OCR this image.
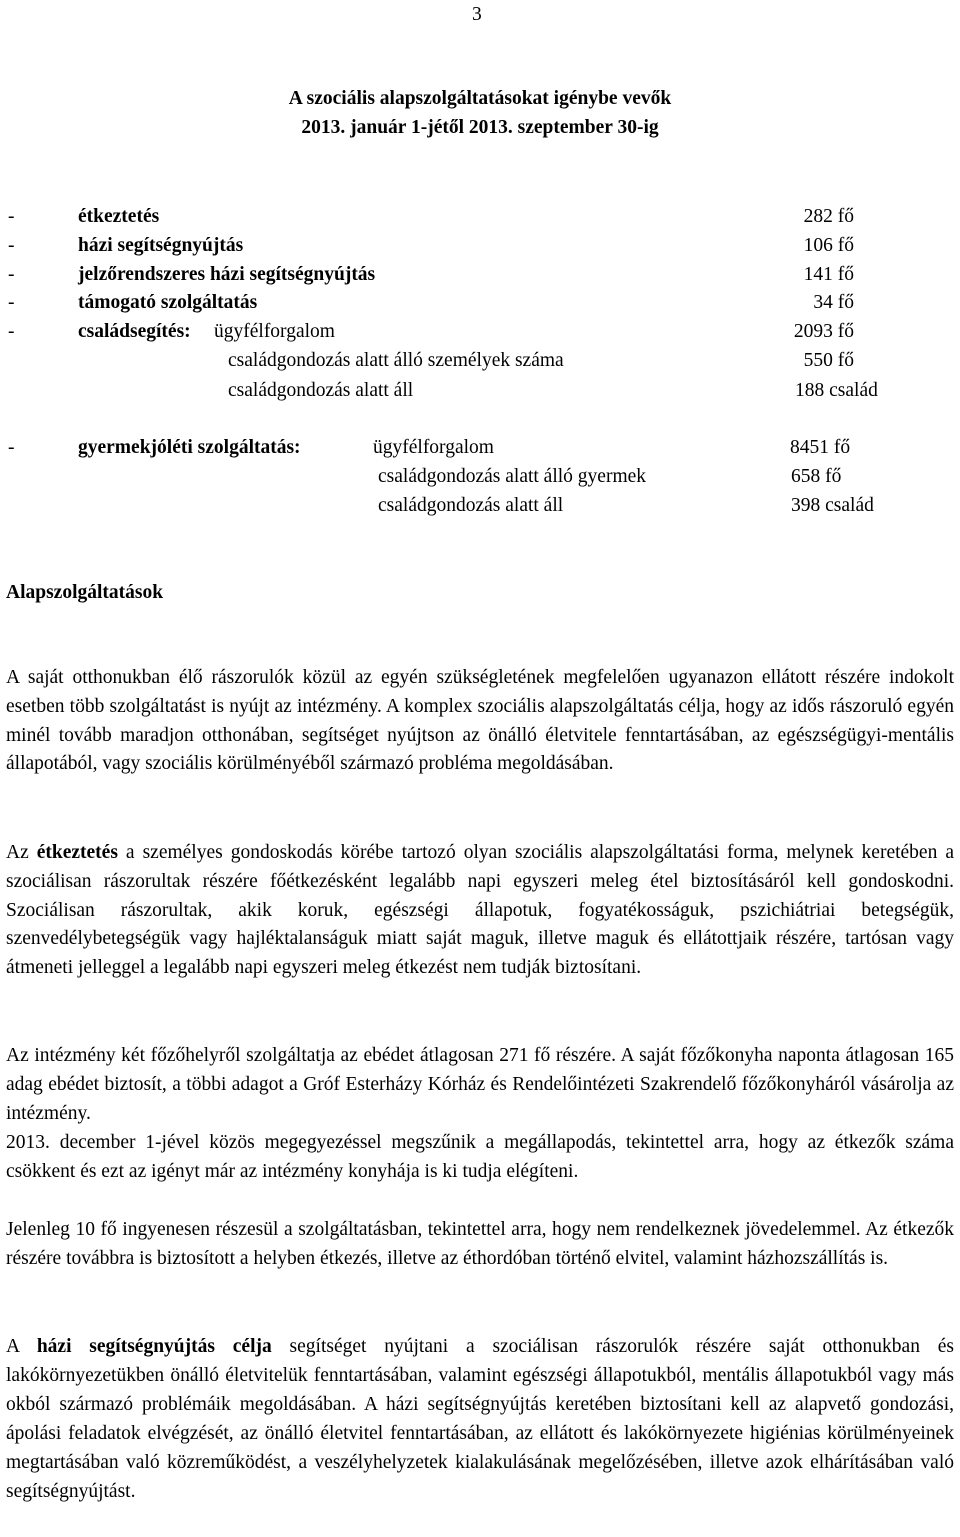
3
A szociális alapszolgáltatásokat igénybe vevők
2013. január 1-jétől 2013. szeptember 30-ig
-	étkeztetés	282 fő
-	házi segítségnyújtás	106 fő
-	jelzőrendszeres házi segítségnyújtás	141 fő
-	támogató szolgáltatás	34 fő
-	családsegítés: ügyfélforgalom	2093 fő
családgondozás alatt álló személyek száma	550 fő
családgondozás alatt áll	188 család
-	gyermekjóléti szolgáltatás:	ügyfélforgalom	8451 fő
családgondozás alatt álló gyermek	658 fő
családgondozás alatt áll	398 család
Alapszolgáltatások

A saját otthonukban élő rászorulók közül az egyén szükségletének megfelelően ugyanazon ellátott részére indokolt esetben több szolgáltatást is nyújt az intézmény. A komplex szociális alapszolgáltatás célja, hogy az idős rászoruló egyén minél tovább maradjon otthonában, segítséget nyújtson az önálló életvitele fenntartásában, az egészségügyi-mentális állapotából, vagy szociális körülményéből származó probléma megoldásában.

Az étkeztetés a személyes gondoskodás körébe tartozó olyan szociális alapszolgáltatási forma, melynek keretében a szociálisan rászorultak részére főétkezésként legalább napi egyszeri meleg étel biztosításáról kell gondoskodni. Szociálisan rászorultak, akik koruk, egészségi állapotuk, fogyatékosságuk, pszichiátriai betegségük, szenvedélybetegségük vagy hajléktalanságuk miatt saját maguk, illetve maguk és ellátottjaik részére, tartósan vagy átmeneti jelleggel a legalább napi egyszeri meleg étkezést nem tudják biztosítani.

Az intézmény két főzőhelyről szolgáltatja az ebédet átlagosan 271 fő részére. A saját főzőkonyha naponta átlagosan 165 adag ebédet biztosít, a többi adagot a Gróf Esterházy Kórház és Rendelőintézeti Szakrendelő főzőkonyháról vásárolja az intézmény.

2013. december 1-jével közös megegyezéssel megszűnik a megállapodás, tekintettel arra, hogy az étkezők száma csökkent és ezt az igényt már az intézmény konyhája is ki tudja elégíteni.

Jelenleg 10 fő ingyenesen részesül a szolgáltatásban, tekintettel arra, hogy nem rendelkeznek jövedelemmel. Az étkezők részére továbbra is biztosított a helyben étkezés, illetve az éthordóban történő elvitel, valamint házhozszállítás is.

A házi segítségnyújtás célja segítséget nyújtani a szociálisan rászorulók részére saját otthonukban és lakókörnyezetükben önálló életvitelük fenntartásában, valamint egészségi állapotukból, mentális állapotukból vagy más okból származó problémáik megoldásában. A házi segítségnyújtás keretében biztosítani kell az alapvető gondozási, ápolási feladatok elvégzését, az önálló életvitel fenntartásában, az ellátott és lakókörnyezete higiénias körülményeinek megtartásában való közreműködést, a veszélyhelyzetek kialakulásának megelőzésében, illetve azok elhárításában való segítségnyújtást.
